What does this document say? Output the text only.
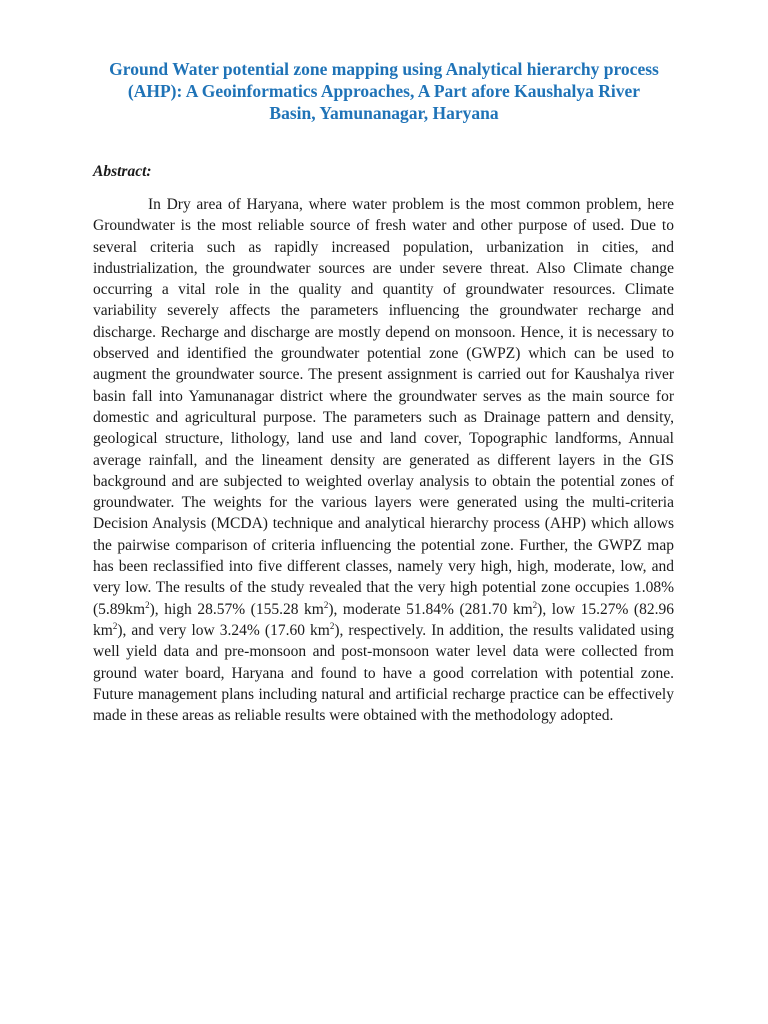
Ground Water potential zone mapping using Analytical hierarchy process
(AHP): A Geoinformatics Approaches, A Part afore Kaushalya River
Basin, Yamunanagar, Haryana

Abstract:

In Dry area of Haryana, where water problem is the most common problem, here Groundwater is the most reliable source of fresh water and other purpose of used. Due to several criteria such as rapidly increased population, urbanization in cities, and industrialization, the groundwater sources are under severe threat. Also Climate change occurring a vital role in the quality and quantity of groundwater resources. Climate variability severely affects the parameters influencing the groundwater recharge and discharge. Recharge and discharge are mostly depend on monsoon. Hence, it is necessary to observed and identified the groundwater potential zone (GWPZ) which can be used to augment the groundwater source. The present assignment is carried out for Kaushalya river basin fall into Yamunanagar district where the groundwater serves as the main source for domestic and agricultural purpose. The parameters such as Drainage pattern and density, geological structure, lithology, land use and land cover, Topographic landforms, Annual average rainfall, and the lineament density are generated as different layers in the GIS background and are subjected to weighted overlay analysis to obtain the potential zones of groundwater. The weights for the various layers were generated using the multi-criteria Decision Analysis (MCDA) technique and analytical hierarchy process (AHP) which allows the pairwise comparison of criteria influencing the potential zone. Further, the GWPZ map has been reclassified into five different classes, namely very high, high, moderate, low, and very low. The results of the study revealed that the very high potential zone occupies 1.08% $(5.89km^2)$, high 28.57% (155.28 $km^2$), moderate 51.84% (281.70 $km^2$), low 15.27% (82.96 $km^2$), and very low 3.24% (17.60 $km^2$), respectively. In addition, the results validated using well yield data and pre-monsoon and post-monsoon water level data were collected from ground water board, Haryana and found to have a good correlation with potential zone. Future management plans including natural and artificial recharge practice can be effectively made in these areas as reliable results were obtained with the methodology adopted.
